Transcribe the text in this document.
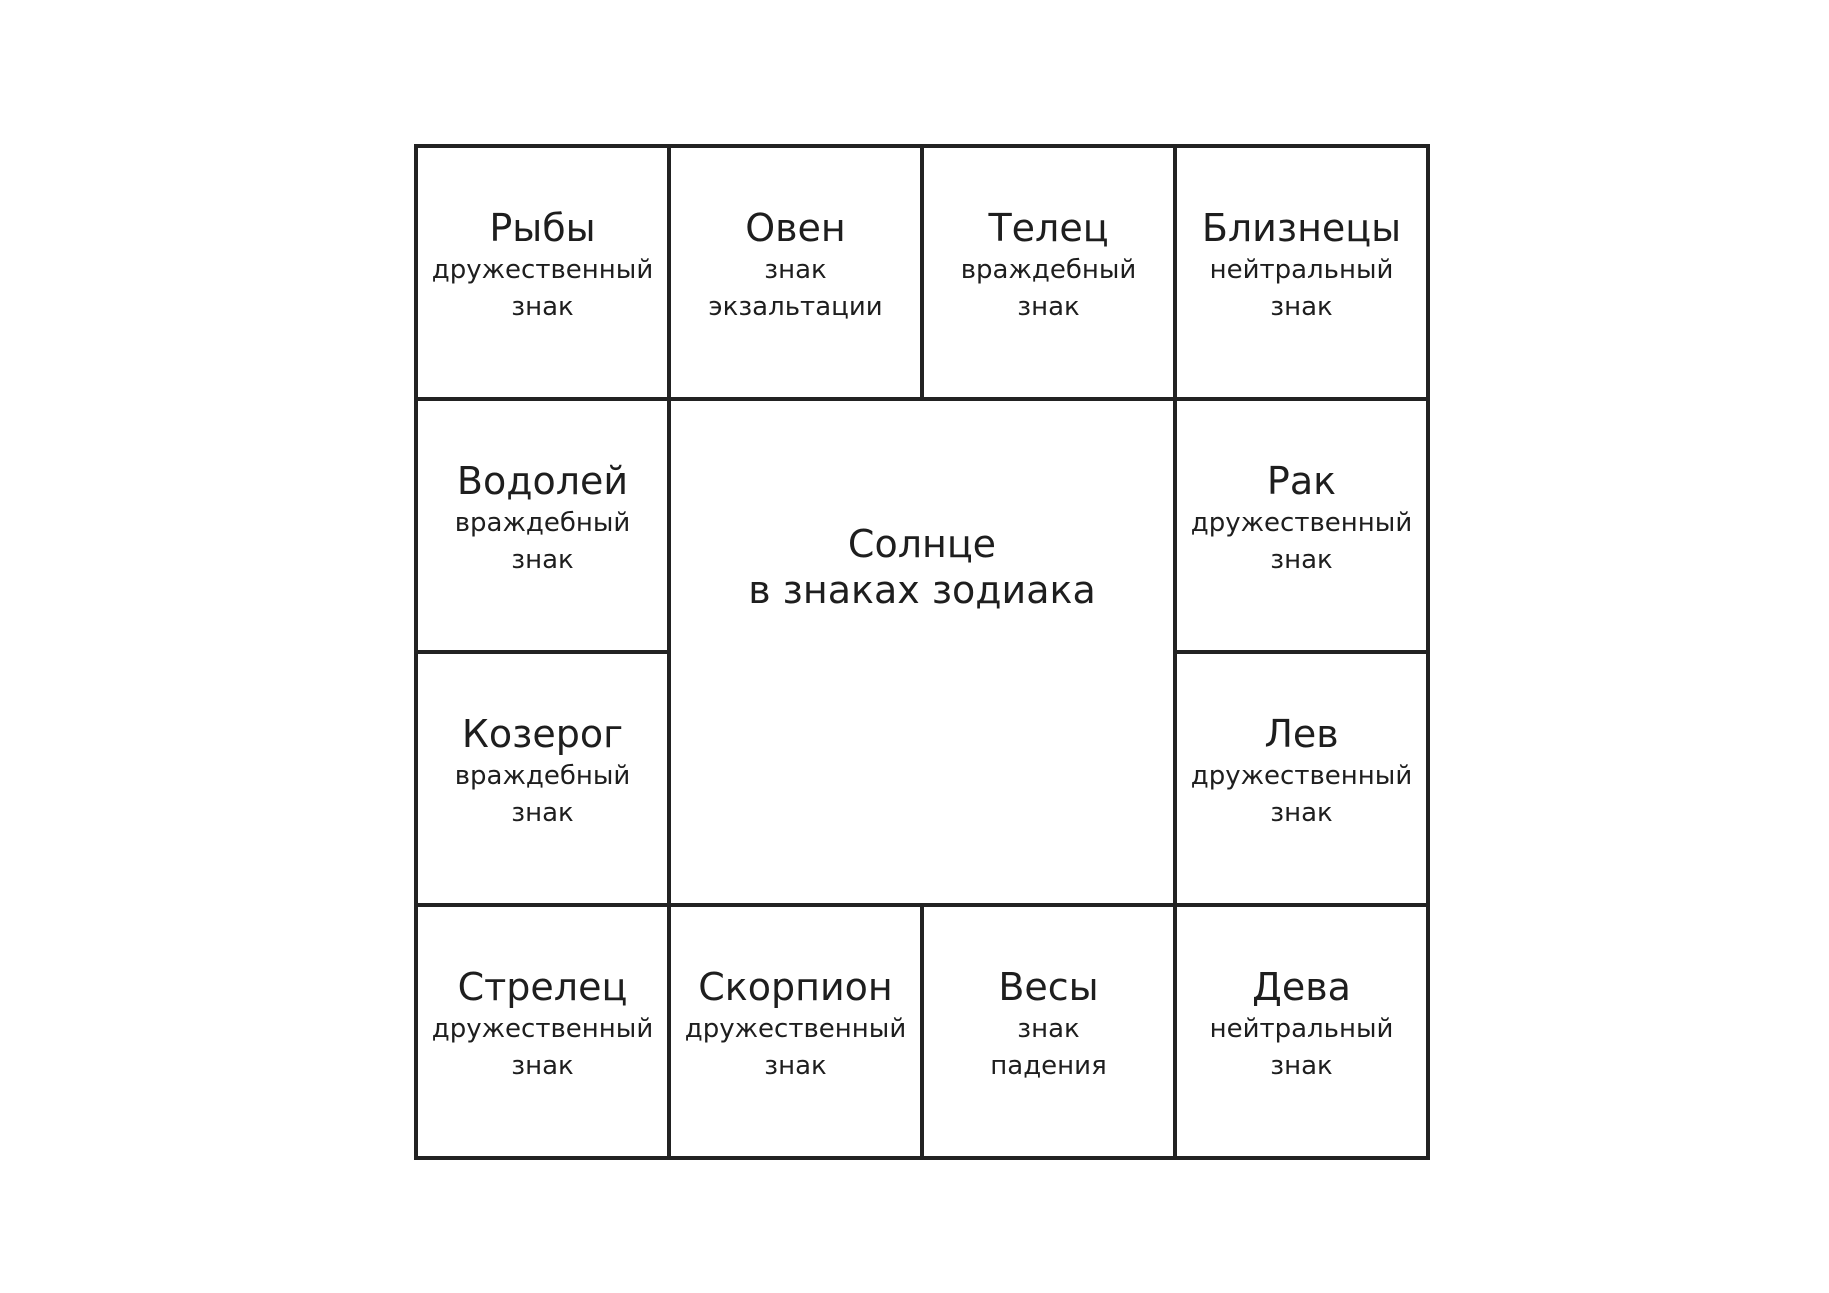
Солнце
в знаках зодиака
Рыбы
дружественный
знак
Овен
знак
экзальтации
Телец
враждебный
знак
Близнецы
нейтральный
знак
Водолей
враждебный
знак
Рак
дружественный
знак
Козерог
враждебный
знак
Лев
дружественный
знак
Стрелец
дружественный
знак
Скорпион
дружественный
знак
Весы
знак
падения
Дева
нейтральный
знак
